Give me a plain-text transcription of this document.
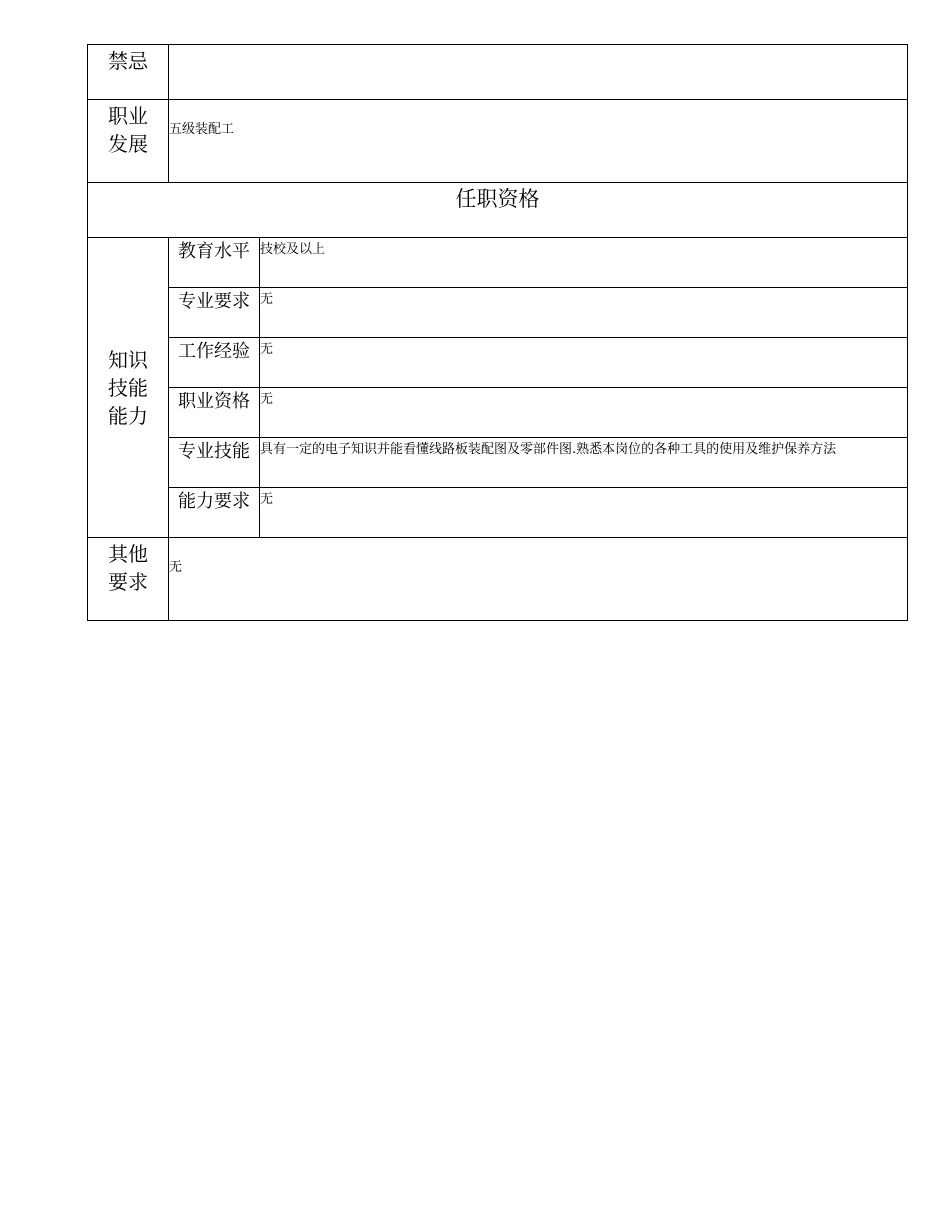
禁忌		
职业发展	五级装配工	
任职资格		
知识技能能力	教育水平	技校及以上
	专业要求	无
	工作经验	无
	职业资格	无
	专业技能	具有一定的电子知识并能看懂线路板装配图及零部件图.熟悉本岗位的各种工具的使用及维护保养方法
	能力要求	无
其他要求	无	
